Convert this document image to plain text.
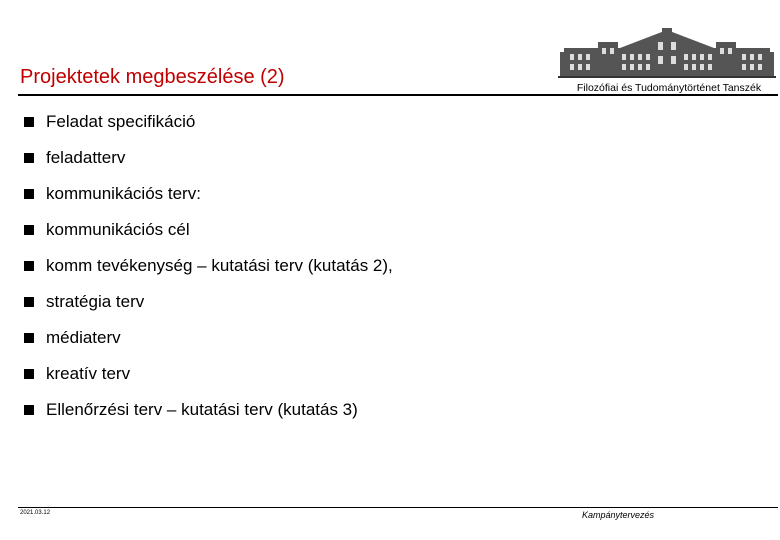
Projektetek megbeszélése (2)	Filozófiai és Tudománytörténet Tanszék
Feladat specifikáció
feladatterv
kommunikációs terv:
kommunikációs cél
komm tevékenység – kutatási terv (kutatás 2),
stratégia terv
médiaterv
kreatív terv
Ellenőrzési terv – kutatási terv (kutatás 3)
2021.03.12	Kampánytervezés
